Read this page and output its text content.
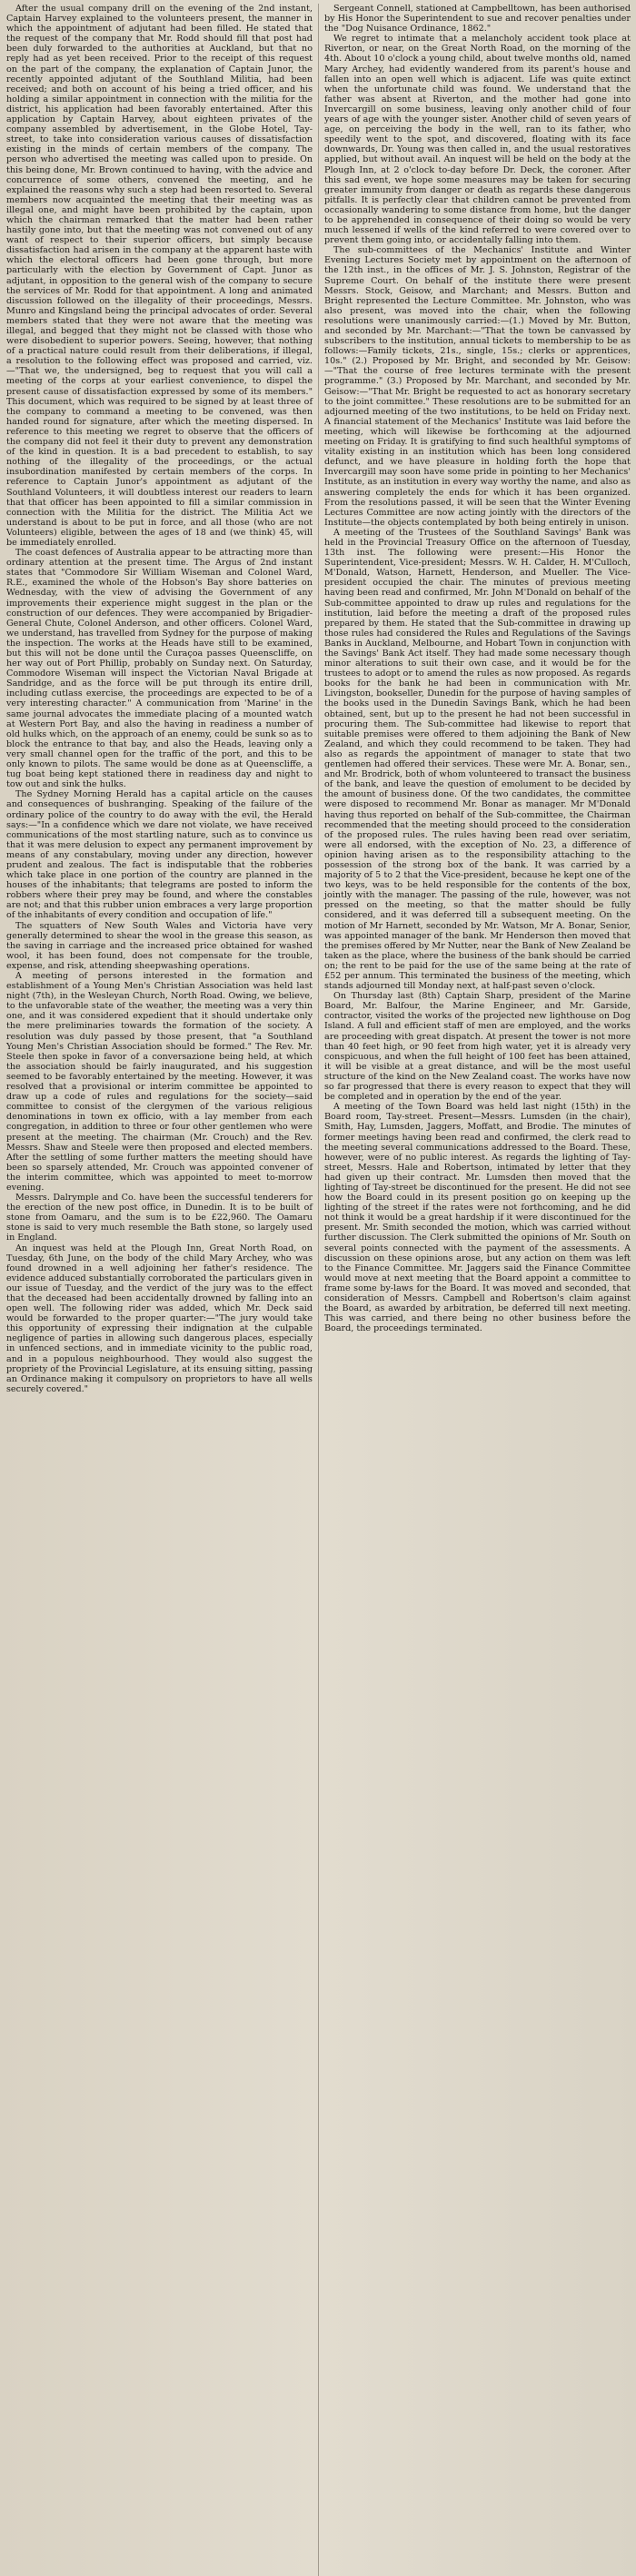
After the usual company drill on the evening of the 2nd instant, Captain Harvey explained to the volunteers present, the manner in which the appointment of adjutant had been filled. He stated that the request of the company that Mr. Rodd should fill that post had been duly forwarded to the authorities at Auckland, but that no reply had as yet been received. Prior to the receipt of this request on the part of the company, the explanation of Captain Junor, the recently appointed adjutant of the Southland Militia, had been received; and both on account of his being a tried officer, and his holding a similar appointment in connection with the militia for the district, his application had been favorably entertained. After this application by Captain Harvey, about eighteen privates of the company assembled by advertisement, in the Globe Hotel, Tay-street, to take into consideration various causes of dissatisfaction existing in the minds of certain members of the company. The person who advertised the meeting was called upon to preside. On this being done, Mr. Brown continued to having, with the advice and concurrence of some others, convened the meeting, and he explained the reasons why such a step had been resorted to. Several members now acquainted the meeting that their meeting was as illegal one, and might have been prohibited by the captain, upon which the chairman remarked that the matter had been rather hastily gone into, but that the meeting was not convened out of any want of respect to their superior officers, but simply because dissatisfaction had arisen in the company at the apparent haste with which the electoral officers had been gone through, but more particularly with the election by Government of Capt. Junor as adjutant, in opposition to the general wish of the company to secure the services of Mr. Rodd for that appointment. A long and animated discussion followed on the illegality of their proceedings, Messrs. Munro and Kingsland being the principal advocates of order. Several members stated that they were not aware that the meeting was illegal, and begged that they might not be classed with those who were disobedient to superior powers. Seeing, however, that nothing of a practical nature could result from their deliberations, if illegal, a resolution to the following effect was proposed and carried, viz.—"That we, the undersigned, beg to request that you will call a meeting of the corps at your earliest convenience, to dispel the present cause of dissatisfaction expressed by some of its members." This document, which was required to be signed by at least three of the company to command a meeting to be convened, was then handed round for signature, after which the meeting dispersed. In reference to this meeting we regret to observe that the officers of the company did not feel it their duty to prevent any demonstration of the kind in question. It is a bad precedent to establish, to say nothing of the illegality of the proceedings, or the actual insubordination manifested by certain members of the corps. In reference to Captain Junor's appointment as adjutant of the Southland Volunteers, it will doubtless interest our readers to learn that that officer has been appointed to fill a similar commission in connection with the Militia for the district. The Militia Act we understand is about to be put in force, and all those (who are not Volunteers) eligible, between the ages of 18 and (we think) 45, will be immediately enrolled.

The coast defences of Australia appear to be attracting more than ordinary attention at the present time. The Argus of 2nd instant states that "Commodore Sir William Wiseman and Colonel Ward, R.E., examined the whole of the Hobson's Bay shore batteries on Wednesday, with the view of advising the Government of any improvements their experience might suggest in the plan or the construction of our defences. They were accompanied by Brigadier-General Chute, Colonel Anderson, and other officers. Colonel Ward, we understand, has travelled from Sydney for the purpose of making the inspection. The works at the Heads have still to be examined, but this will not be done until the Curaçoa passes Queenscliffe, on her way out of Port Phillip, probably on Sunday next. On Saturday, Commodore Wiseman will inspect the Victorian Naval Brigade at Sandridge, and as the force will be put through its entire drill, including cutlass exercise, the proceedings are expected to be of a very interesting character." A communication from 'Marine' in the same journal advocates the immediate placing of a mounted watch at Western Port Bay, and also the having in readiness a number of old hulks which, on the approach of an enemy, could be sunk so as to block the entrance to that bay, and also the Heads, leaving only a very small channel open for the traffic of the port, and this to be only known to pilots. The same would be done as at Queenscliffe, a tug boat being kept stationed there in readiness day and night to tow out and sink the hulks.

The Sydney Morning Herald has a capital article on the causes and consequences of bushranging. Speaking of the failure of the ordinary police of the country to do away with the evil, the Herald says:—"In a confidence which we dare not violate, we have received communications of the most startling nature, such as to convince us that it was mere delusion to expect any permanent improvement by means of any constabulary, moving under any direction, however prudent and zealous. The fact is indisputable that the robberies which take place in one portion of the country are planned in the houses of the inhabitants; that telegrams are posted to inform the robbers where their prey may be found, and where the constables are not; and that this rubber union embraces a very large proportion of the inhabitants of every condition and occupation of life."

The squatters of New South Wales and Victoria have very generally determined to shear the wool in the grease this season, as the saving in carriage and the increased price obtained for washed wool, it has been found, does not compensate for the trouble, expense, and risk, attending sheepwashing operations.

A meeting of persons interested in the formation and establishment of a Young Men's Christian Association was held last night (7th), in the Wesleyan Church, North Road. Owing, we believe, to the unfavorable state of the weather, the meeting was a very thin one, and it was considered expedient that it should undertake only the mere preliminaries towards the formation of the society. A resolution was duly passed by those present, that "a Southland Young Men's Christian Association should be formed." The Rev. Mr. Steele then spoke in favor of a conversazione being held, at which the association should be fairly inaugurated, and his suggestion seemed to be favorably entertained by the meeting. However, it was resolved that a provisional or interim committee be appointed to draw up a code of rules and regulations for the society—said committee to consist of the clergymen of the various religious denominations in town ex officio, with a lay member from each congregation, in addition to three or four other gentlemen who were present at the meeting. The chairman (Mr. Crouch) and the Rev. Messrs. Shaw and Steele were then proposed and elected members. After the settling of some further matters the meeting should have been so sparsely attended, Mr. Crouch was appointed convener of the interim committee, which was appointed to meet to-morrow evening.

Messrs. Dalrymple and Co. have been the successful tenderers for the erection of the new post office, in Dunedin. It is to be built of stone from Oamaru, and the sum is to be £22,960. The Oamaru stone is said to very much resemble the Bath stone, so largely used in England.

An inquest was held at the Plough Inn, Great North Road, on Tuesday, 6th June, on the body of the child Mary Archey, who was found drowned in a well adjoining her father's residence. The evidence adduced substantially corroborated the particulars given in our issue of Tuesday, and the verdict of the jury was to the effect that the deceased had been accidentally drowned by falling into an open well. The following rider was added, which Mr. Deck said would be forwarded to the proper quarter:—"The jury would take this opportunity of expressing their indignation at the culpable negligence of parties in allowing such dangerous places, especially in unfenced sections, and in immediate vicinity to the public road, and in a populous neighbourhood. They would also suggest the propriety of the Provincial Legislature, at its ensuing sitting, passing an Ordinance making it compulsory on proprietors to have all wells securely covered."

Sergeant Connell, stationed at Campbelltown, has been authorised by His Honor the Superintendent to sue and recover penalties under the "Dog Nuisance Ordinance, 1862."

We regret to intimate that a melancholy accident took place at Riverton, or near, on the Great North Road, on the morning of the 4th. About 10 o'clock a young child, about twelve months old, named Mary Archey, had evidently wandered from its parent's house and fallen into an open well which is adjacent. Life was quite extinct when the unfortunate child was found. We understand that the father was absent at Riverton, and the mother had gone into Invercargill on some business, leaving only another child of four years of age with the younger sister. Another child of seven years of age, on perceiving the body in the well, ran to its father, who speedily went to the spot, and discovered, floating with its face downwards, Dr. Young was then called in, and the usual restoratives applied, but without avail. An inquest will be held on the body at the Plough Inn, at 2 o'clock to-day before Dr. Deck, the coroner. After this sad event, we hope some measures may be taken for securing greater immunity from danger or death as regards these dangerous pitfalls. It is perfectly clear that children cannot be prevented from occasionally wandering to some distance from home, but the danger to be apprehended in consequence of their doing so would be very much lessened if wells of the kind referred to were covered over to prevent them going into, or accidentally falling into them.

The sub-committees of the Mechanics' Institute and Winter Evening Lectures Society met by appointment on the afternoon of the 12th inst., in the offices of Mr. J. S. Johnston, Registrar of the Supreme Court. On behalf of the institute there were present Messrs. Stock, Geisow, and Marchant; and Messrs. Button and Bright represented the Lecture Committee. Mr. Johnston, who was also present, was moved into the chair, when the following resolutions were unanimously carried:—(1.) Moved by Mr. Button, and seconded by Mr. Marchant:—"That the town be canvassed by subscribers to the institution, annual tickets to membership to be as follows:—Family tickets, 21s., single, 15s.; clerks or apprentices, 10s." (2.) Proposed by Mr. Bright, and seconded by Mr. Geisow:—"That the course of free lectures terminate with the present programme." (3.) Proposed by Mr. Marchant, and seconded by Mr. Geisow:—"That Mr. Bright be requested to act as honorary secretary to the joint committee." These resolutions are to be submitted for an adjourned meeting of the two institutions, to be held on Friday next. A financial statement of the Mechanics' Institute was laid before the meeting, which will likewise be forthcoming at the adjourned meeting on Friday. It is gratifying to find such healthful symptoms of vitality existing in an institution which has been long considered defunct, and we have pleasure in holding forth the hope that Invercargill may soon have some pride in pointing to her Mechanics' Institute, as an institution in every way worthy the name, and also as answering completely the ends for which it has been organized. From the resolutions passed, it will be seen that the Winter Evening Lectures Committee are now acting jointly with the directors of the Institute—the objects contemplated by both being entirely in unison.

A meeting of the Trustees of the Southland Savings' Bank was held in the Provincial Treasury Office on the afternoon of Tuesday, 13th inst. The following were present:—His Honor the Superintendent, Vice-president; Messrs. W. H. Calder, H. M'Culloch, M'Donald, Watson, Harnett, Henderson, and Mueller. The Vice-president occupied the chair. The minutes of previous meeting having been read and confirmed, Mr. John M'Donald on behalf of the Sub-committee appointed to draw up rules and regulations for the institution, laid before the meeting a draft of the proposed rules prepared by them. He stated that the Sub-committee in drawing up those rules had considered the Rules and Regulations of the Savings Banks in Auckland, Melbourne, and Hobart Town in conjunction with the Savings' Bank Act itself. They had made some necessary though minor alterations to suit their own case, and it would be for the trustees to adopt or to amend the rules as now proposed. As regards books for the bank he had been in communication with Mr. Livingston, bookseller, Dunedin for the purpose of having samples of the books used in the Dunedin Savings Bank, which he had been obtained, sent, but up to the present he had not been successful in procuring them. The Sub-committee had likewise to report that suitable premises were offered to them adjoining the Bank of New Zealand, and which they could recommend to be taken. They had also as regards the appointment of manager to state that two gentlemen had offered their services. These were Mr. A. Bonar, sen., and Mr. Brodrick, both of whom volunteered to transact the business of the bank, and leave the question of emolument to be decided by the amount of business done. Of the two candidates, the committee were disposed to recommend Mr. Bonar as manager. Mr M'Donald having thus reported on behalf of the Sub-committee, the Chairman recommended that the meeting should proceed to the consideration of the proposed rules. The rules having been read over seriatim, were all endorsed, with the exception of No. 23, a difference of opinion having arisen as to the responsibility attaching to the possession of the strong box of the bank. It was carried by a majority of 5 to 2 that the Vice-president, because he kept one of the two keys, was to be held responsible for the contents of the box, jointly with the manager. The passing of the rule, however, was not pressed on the meeting, so that the matter should be fully considered, and it was deferred till a subsequent meeting. On the motion of Mr Harnett, seconded by Mr. Watson, Mr A. Bonar, Senior, was appointed manager of the bank. Mr Henderson then moved that the premises offered by Mr Nutter, near the Bank of New Zealand be taken as the place, where the business of the bank should be carried on; the rent to be paid for the use of the same being at the rate of £52 per annum. This terminated the business of the meeting, which stands adjourned till Monday next, at half-past seven o'clock.

On Thursday last (8th) Captain Sharp, president of the Marine Board, Mr. Balfour, the Marine Engineer, and Mr. Garside, contractor, visited the works of the projected new lighthouse on Dog Island. A full and efficient staff of men are employed, and the works are proceeding with great dispatch. At present the tower is not more than 40 feet high, or 90 feet from high water, yet it is already very conspicuous, and when the full height of 100 feet has been attained, it will be visible at a great distance, and will be the most useful structure of the kind on the New Zealand coast. The works have now so far progressed that there is every reason to expect that they will be completed and in operation by the end of the year.

A meeting of the Town Board was held last night (15th) in the Board room, Tay-street. Present—Messrs. Lumsden (in the chair), Smith, Hay, Lumsden, Jaggers, Moffatt, and Brodie. The minutes of former meetings having been read and confirmed, the clerk read to the meeting several communications addressed to the Board. These, however, were of no public interest. As regards the lighting of Tay-street, Messrs. Hale and Robertson, intimated by letter that they had given up their contract. Mr. Lumsden then moved that the lighting of Tay-street be discontinued for the present. He did not see how the Board could in its present position go on keeping up the lighting of the street if the rates were not forthcoming, and he did not think it would be a great hardship if it were discontinued for the present. Mr. Smith seconded the motion, which was carried without further discussion. The Clerk submitted the opinions of Mr. South on several points connected with the payment of the assessments. A discussion on these opinions arose, but any action on them was left to the Finance Committee. Mr. Jaggers said the Finance Committee would move at next meeting that the Board appoint a committee to frame some by-laws for the Board. It was moved and seconded, that consideration of Messrs. Campbell and Robertson's claim against the Board, as awarded by arbitration, be deferred till next meeting. This was carried, and there being no other business before the Board, the proceedings terminated.
